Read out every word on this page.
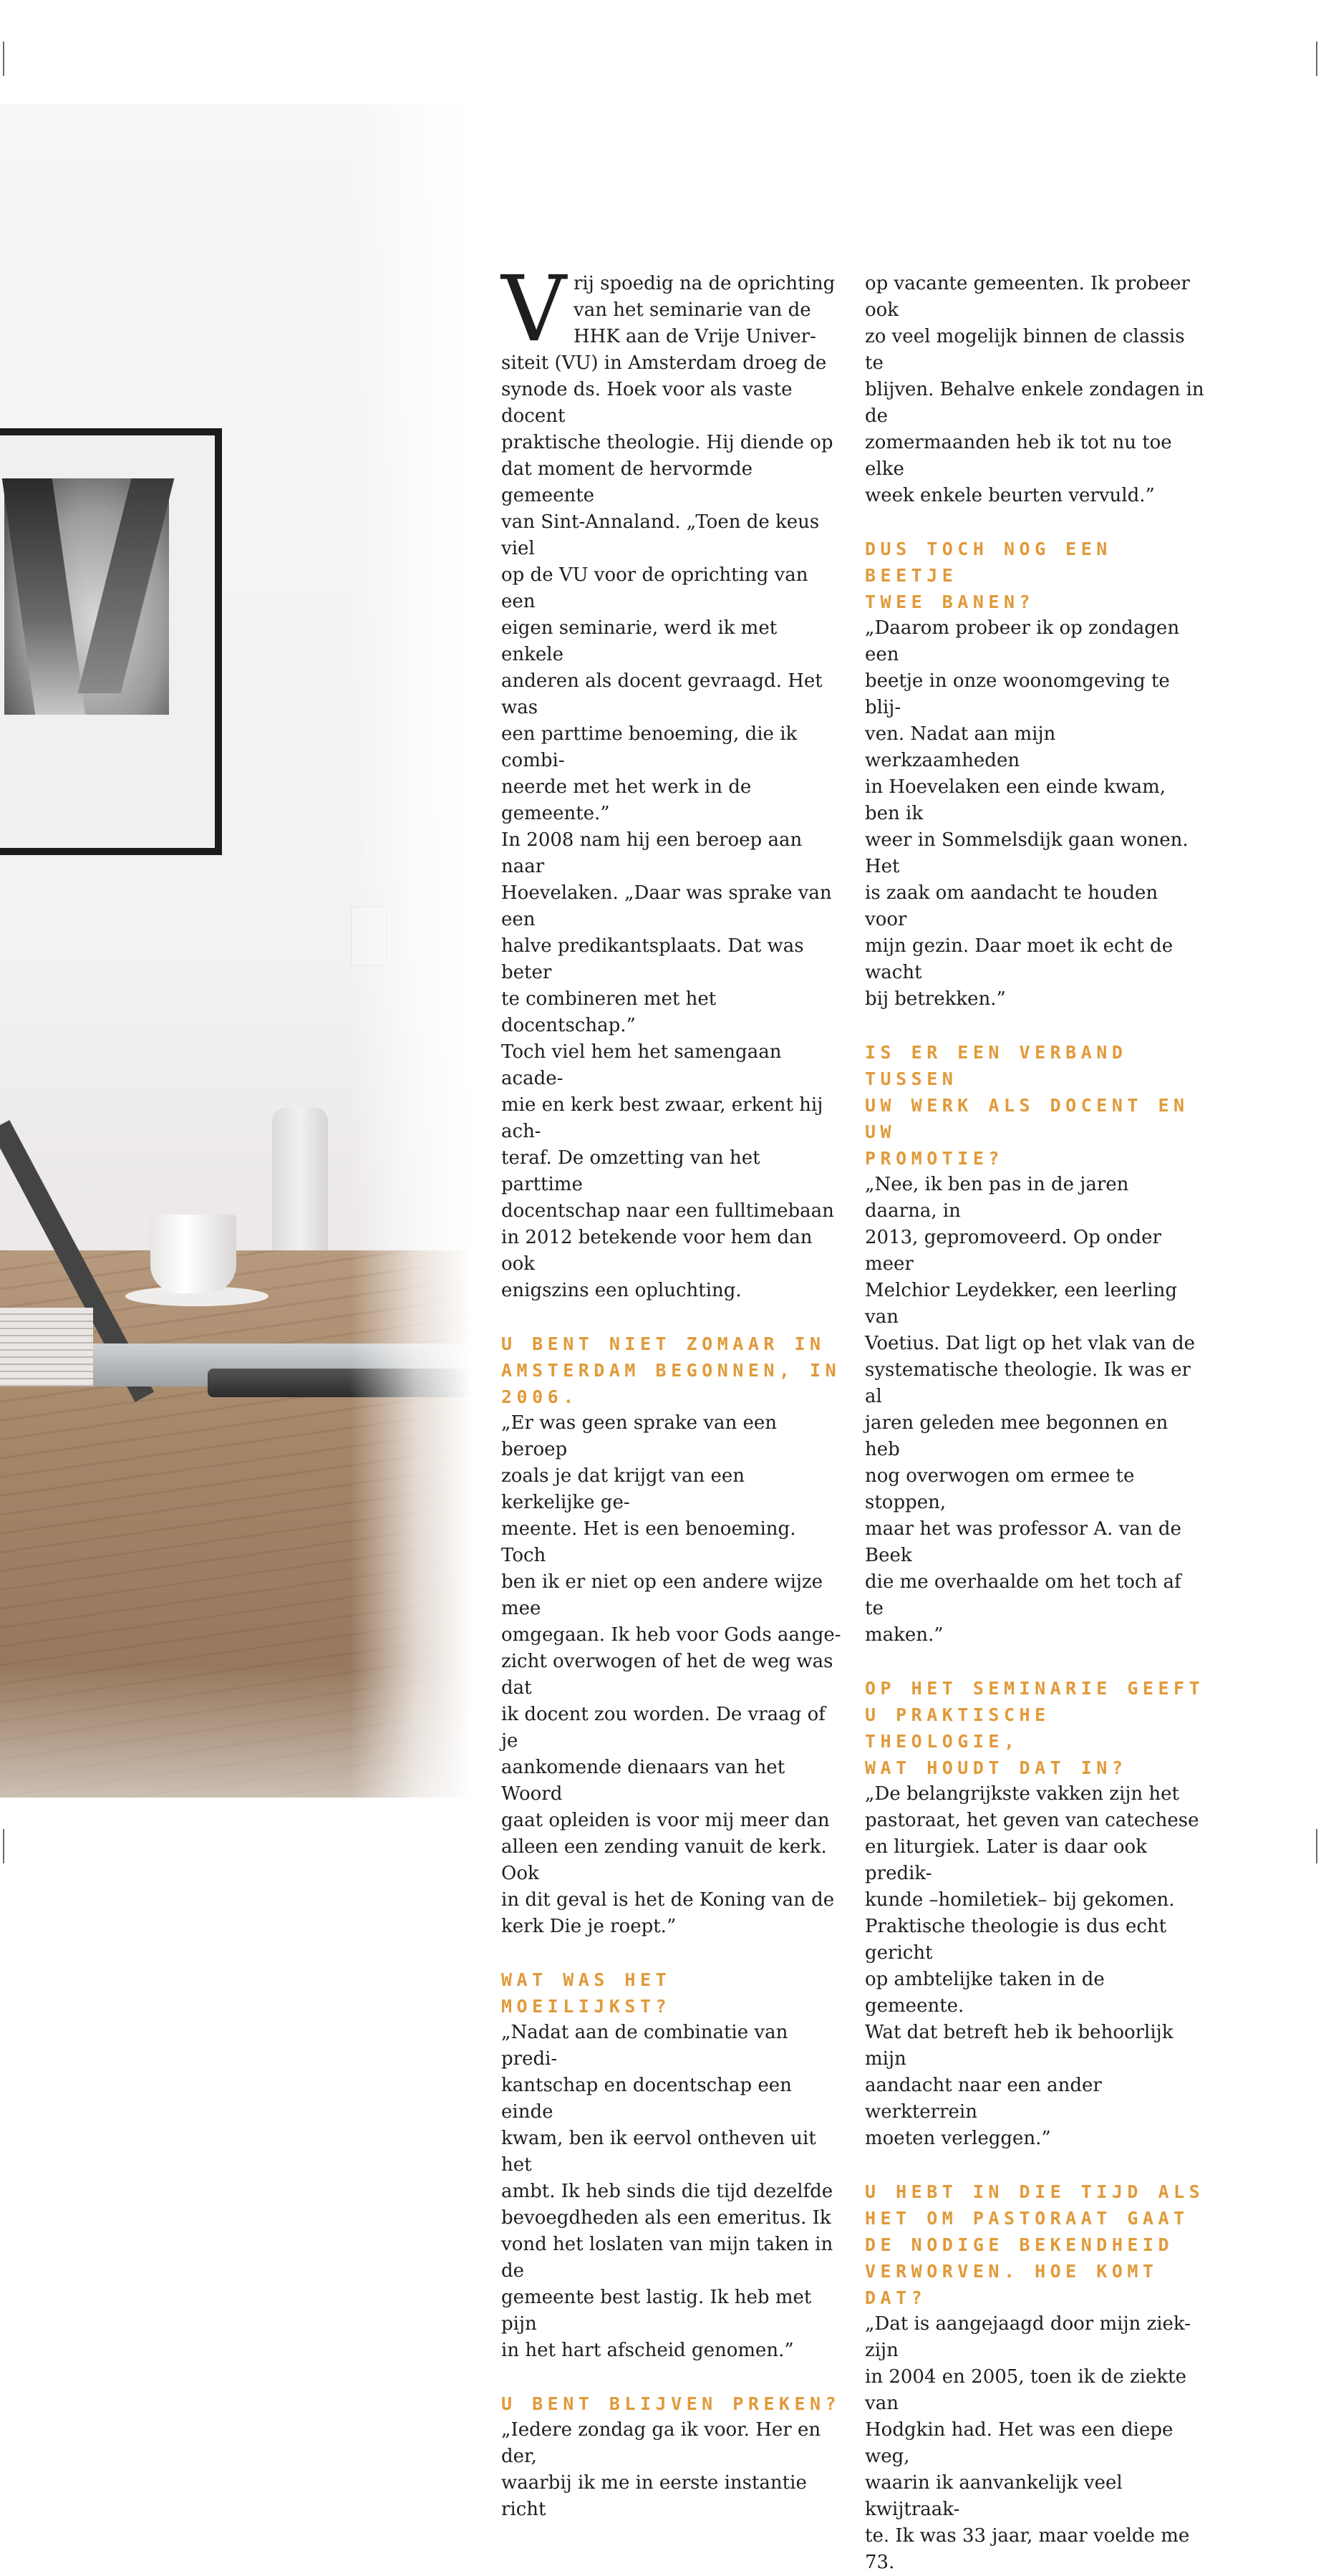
V rij spoedig na de oprichting
van het seminarie van de
HHK aan de Vrije Univer-
siteit (VU) in Amsterdam droeg de
synode ds. Hoek voor als vaste docent
praktische theologie. Hij diende op
dat moment de hervormde gemeente
van Sint-Annaland. „Toen de keus viel
op de VU voor de oprichting van een
eigen seminarie, werd ik met enkele
anderen als docent gevraagd. Het was
een parttime benoeming, die ik combi-
neerde met het werk in de gemeente.”
In 2008 nam hij een beroep aan naar
Hoevelaken. „Daar was sprake van een
halve predikantsplaats. Dat was beter
te combineren met het docentschap.”
Toch viel hem het samengaan acade-
mie en kerk best zwaar, erkent hij ach-
teraf. De omzetting van het parttime
docentschap naar een fulltimebaan
in 2012 betekende voor hem dan ook
enigszins een opluchting.
U BENT NIET ZOMAAR IN
AMSTERDAM BEGONNEN, IN
2006.
„Er was geen sprake van een beroep
zoals je dat krijgt van een kerkelijke ge-
meente. Het is een benoeming. Toch
ben ik er niet op een andere wijze mee
omgegaan. Ik heb voor Gods aange-
zicht overwogen of het de weg was dat
ik docent zou worden. De vraag of je
aankomende dienaars van het Woord
gaat opleiden is voor mij meer dan
alleen een zending vanuit de kerk. Ook
in dit geval is het de Koning van de
kerk Die je roept.”
WAT WAS HET MOEILIJKST?
„Nadat aan de combinatie van predi-
kantschap en docentschap een einde
kwam, ben ik eervol ontheven uit het
ambt. Ik heb sinds die tijd dezelfde
bevoegdheden als een emeritus. Ik
vond het loslaten van mijn taken in de
gemeente best lastig. Ik heb met pijn
in het hart afscheid genomen.”
U BENT BLIJVEN PREKEN?
„Iedere zondag ga ik voor. Her en der,
waarbij ik me in eerste instantie richt
op vacante gemeenten. Ik probeer ook
zo veel mogelijk binnen de classis te
blijven. Behalve enkele zondagen in de
zomermaanden heb ik tot nu toe elke
week enkele beurten vervuld.”
DUS TOCH NOG EEN BEETJE
TWEE BANEN?
„Daarom probeer ik op zondagen een
beetje in onze woonomgeving te blij-
ven. Nadat aan mijn werkzaamheden
in Hoevelaken een einde kwam, ben ik
weer in Sommelsdijk gaan wonen. Het
is zaak om aandacht te houden voor
mijn gezin. Daar moet ik echt de wacht
bij betrekken.”
IS ER EEN VERBAND TUSSEN
UW WERK ALS DOCENT EN UW
PROMOTIE?
„Nee, ik ben pas in de jaren daarna, in
2013, gepromoveerd. Op onder meer
Melchior Leydekker, een leerling van
Voetius. Dat ligt op het vlak van de
systematische theologie. Ik was er al
jaren geleden mee begonnen en heb
nog overwogen om ermee te stoppen,
maar het was professor A. van de Beek
die me overhaalde om het toch af te
maken.”
OP HET SEMINARIE GEEFT
U PRAKTISCHE THEOLOGIE,
WAT HOUDT DAT IN?
„De belangrijkste vakken zijn het
pastoraat, het geven van catechese
en liturgiek. Later is daar ook predik-
kunde –homiletiek– bij gekomen.
Praktische theologie is dus echt gericht
op ambtelijke taken in de gemeente.
Wat dat betreft heb ik behoorlijk mijn
aandacht naar een ander werkterrein
moeten verleggen.”
U HEBT IN DIE TIJD ALS
HET OM PASTORAAT GAAT
DE NODIGE BEKENDHEID
VERWORVEN. HOE KOMT DAT?
„Dat is aangejaagd door mijn ziek-zijn
in 2004 en 2005, toen ik de ziekte van
Hodgkin had. Het was een diepe weg,
waarin ik aanvankelijk veel kwijtraak-
te. Ik was 33 jaar, maar voelde me 73.
